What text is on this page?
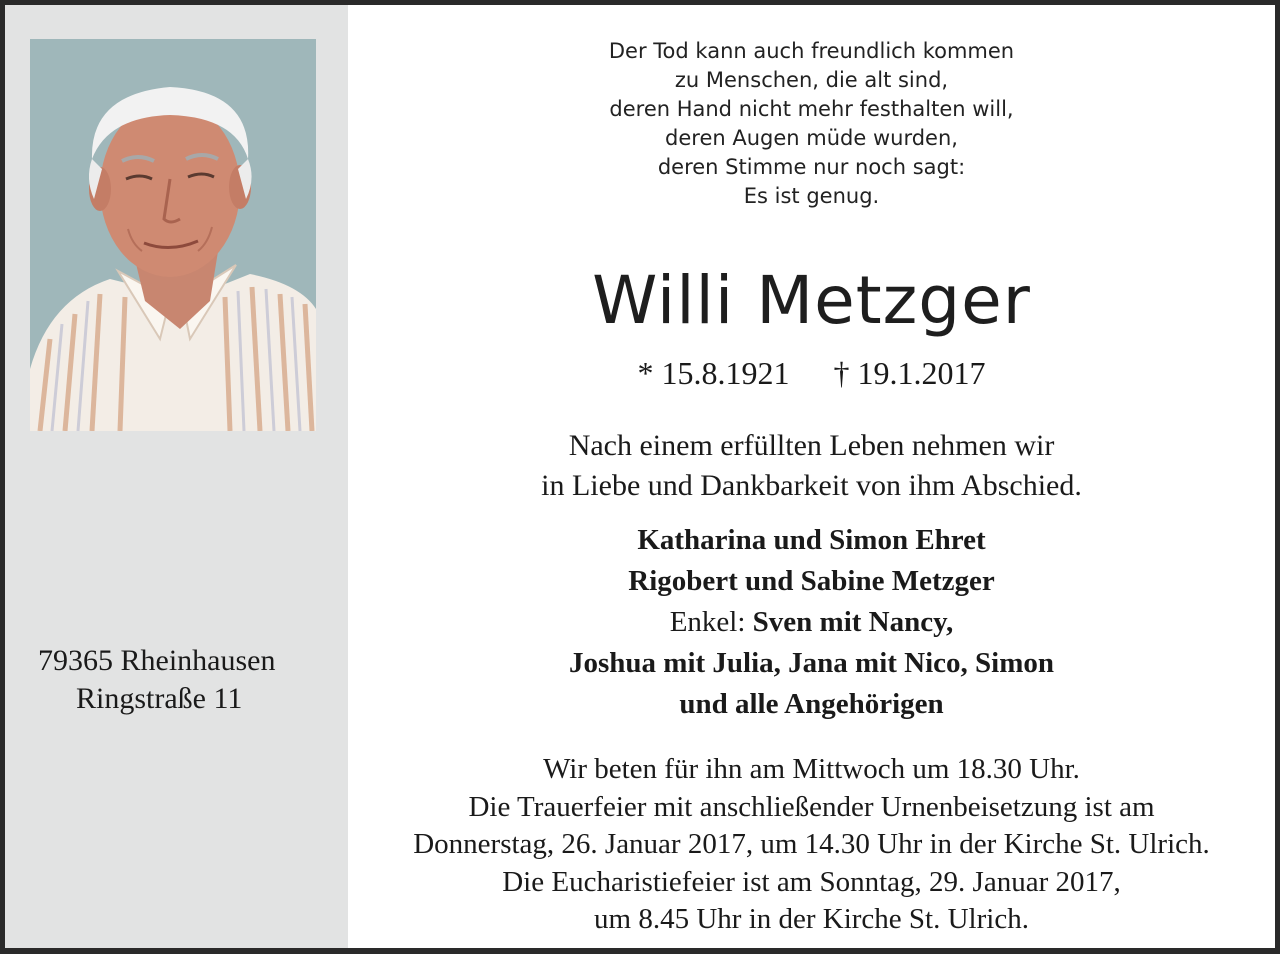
79365 Rheinhausen
Ringstraße 11
Der Tod kann auch freundlich kommen
zu Menschen, die alt sind,
deren Hand nicht mehr festhalten will,
deren Augen müde wurden,
deren Stimme nur noch sagt:
Es ist genug.
Willi Metzger
* 15.8.1921 † 19.1.2017
Nach einem erfüllten Leben nehmen wir
in Liebe und Dankbarkeit von ihm Abschied.
Katharina und Simon Ehret
Rigobert und Sabine Metzger
Enkel: Sven mit Nancy,
Joshua mit Julia, Jana mit Nico, Simon
und alle Angehörigen
Wir beten für ihn am Mittwoch um 18.30 Uhr.
Die Trauerfeier mit anschließender Urnenbeisetzung ist am
Donnerstag, 26. Januar 2017, um 14.30 Uhr in der Kirche St. Ulrich.
Die Eucharistiefeier ist am Sonntag, 29. Januar 2017,
um 8.45 Uhr in der Kirche St. Ulrich.
